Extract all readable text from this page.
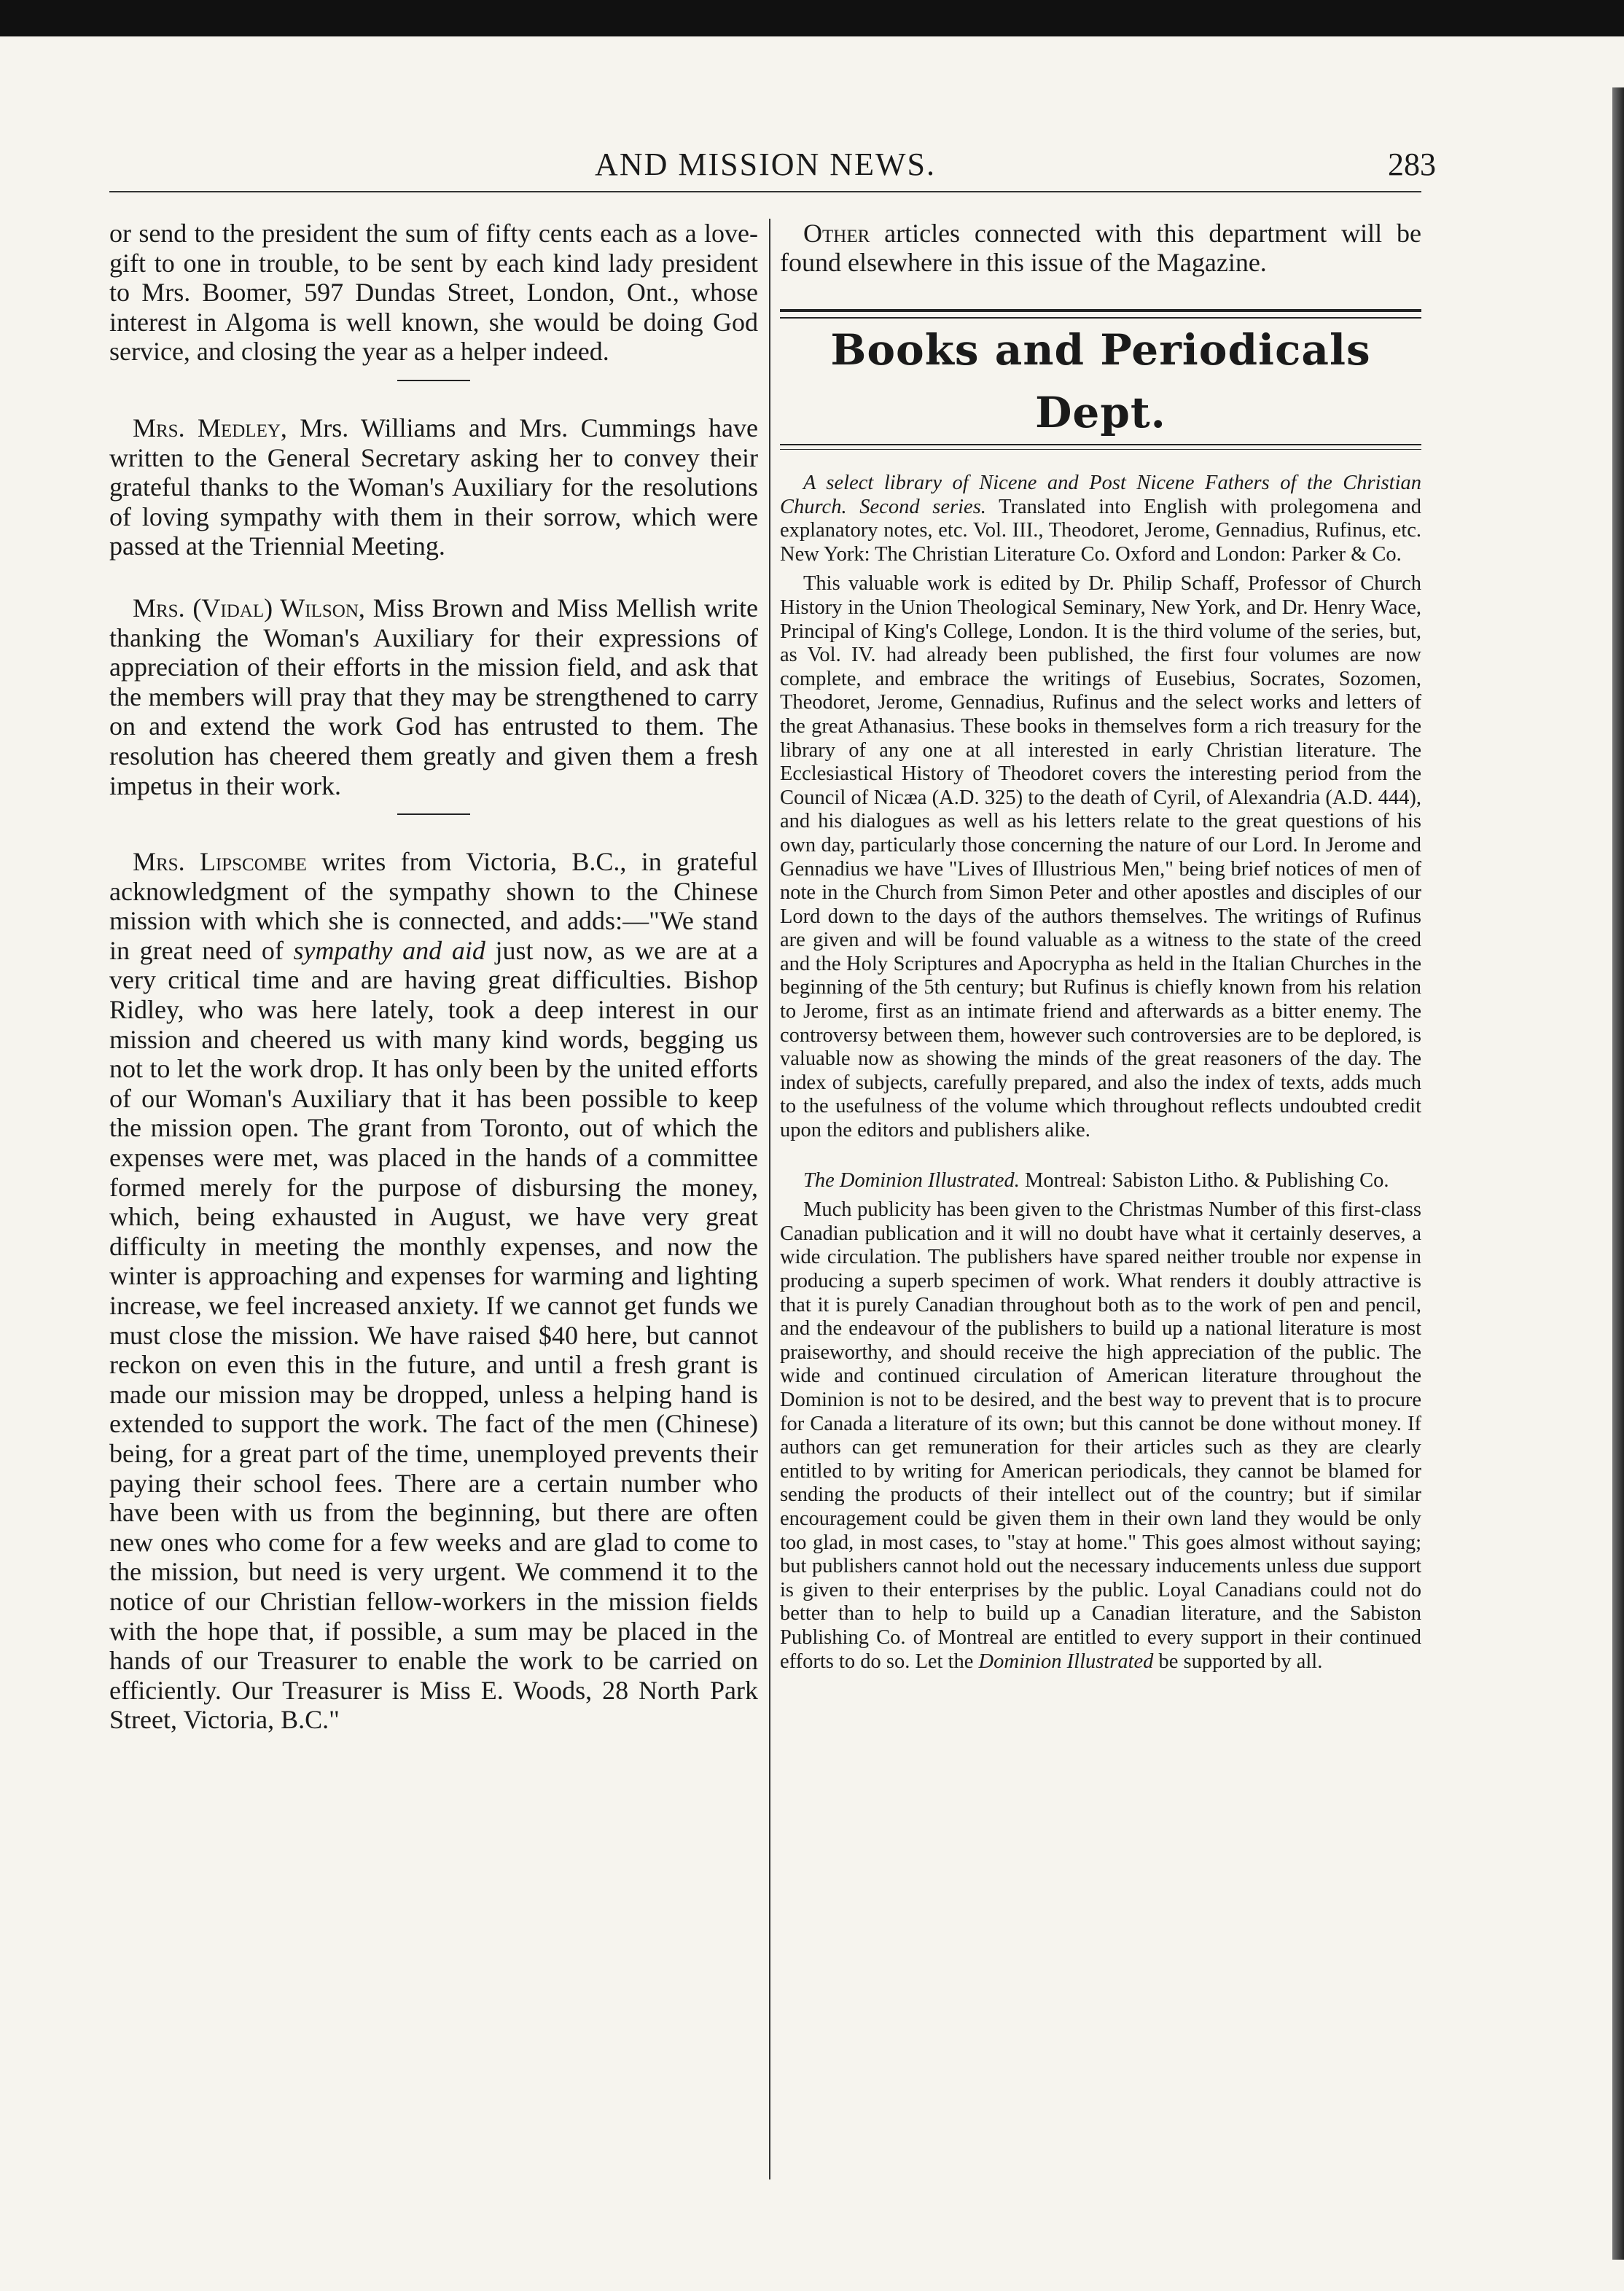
AND MISSION NEWS.	283

or send to the president the sum of fifty cents each as a love-gift to one in trouble, to be sent by each kind lady president to Mrs. Boomer, 597 Dundas Street, London, Ont., whose interest in Algoma is well known, she would be doing God service, and closing the year as a helper indeed.

Mrs. Medley, Mrs. Williams and Mrs. Cummings have written to the General Secretary asking her to convey their grateful thanks to the Woman's Auxiliary for the resolutions of loving sympathy with them in their sorrow, which were passed at the Triennial Meeting.

Mrs. (Vidal) Wilson, Miss Brown and Miss Mellish write thanking the Woman's Auxiliary for their expressions of appreciation of their efforts in the mission field, and ask that the members will pray that they may be strengthened to carry on and extend the work God has entrusted to them. The resolution has cheered them greatly and given them a fresh impetus in their work.

Mrs. Lipscombe writes from Victoria, B.C., in grateful acknowledgment of the sympathy shown to the Chinese mission with which she is connected, and adds:—"We stand in great need of sympathy and aid just now, as we are at a very critical time and are having great difficulties. Bishop Ridley, who was here lately, took a deep interest in our mission and cheered us with many kind words, begging us not to let the work drop. It has only been by the united efforts of our Woman's Auxiliary that it has been possible to keep the mission open. The grant from Toronto, out of which the expenses were met, was placed in the hands of a committee formed merely for the purpose of disbursing the money, which, being exhausted in August, we have very great difficulty in meeting the monthly expenses, and now the winter is approaching and expenses for warming and lighting increase, we feel increased anxiety. If we cannot get funds we must close the mission. We have raised $40 here, but cannot reckon on even this in the future, and until a fresh grant is made our mission may be dropped, unless a helping hand is extended to support the work. The fact of the men (Chinese) being, for a great part of the time, unemployed prevents their paying their school fees. There are a certain number who have been with us from the beginning, but there are often new ones who come for a few weeks and are glad to come to the mission, but need is very urgent. We commend it to the notice of our Christian fellow-workers in the mission fields with the hope that, if possible, a sum may be placed in the hands of our Treasurer to enable the work to be carried on efficiently. Our Treasurer is Miss E. Woods, 28 North Park Street, Victoria, B.C."

Other articles connected with this department will be found elsewhere in this issue of the Magazine.

Books and Periodicals Dept.

A select library of Nicene and Post Nicene Fathers of the Christian Church. Second series. Translated into English with prolegomena and explanatory notes, etc. Vol. III., Theodoret, Jerome, Gennadius, Rufinus, etc. New York: The Christian Literature Co. Oxford and London: Parker & Co.

This valuable work is edited by Dr. Philip Schaff, Professor of Church History in the Union Theological Seminary, New York, and Dr. Henry Wace, Principal of King's College, London. It is the third volume of the series, but, as Vol. IV. had already been published, the first four volumes are now complete, and embrace the writings of Eusebius, Socrates, Sozomen, Theodoret, Jerome, Gennadius, Rufinus and the select works and letters of the great Athanasius. These books in themselves form a rich treasury for the library of any one at all interested in early Christian literature. The Ecclesiastical History of Theodoret covers the interesting period from the Council of Nicæa (A.D. 325) to the death of Cyril, of Alexandria (A.D. 444), and his dialogues as well as his letters relate to the great questions of his own day, particularly those concerning the nature of our Lord. In Jerome and Gennadius we have "Lives of Illustrious Men," being brief notices of men of note in the Church from Simon Peter and other apostles and disciples of our Lord down to the days of the authors themselves. The writings of Rufinus are given and will be found valuable as a witness to the state of the creed and the Holy Scriptures and Apocrypha as held in the Italian Churches in the beginning of the 5th century; but Rufinus is chiefly known from his relation to Jerome, first as an intimate friend and afterwards as a bitter enemy. The controversy between them, however such controversies are to be deplored, is valuable now as showing the minds of the great reasoners of the day. The index of subjects, carefully prepared, and also the index of texts, adds much to the usefulness of the volume which throughout reflects undoubted credit upon the editors and publishers alike.

The Dominion Illustrated. Montreal: Sabiston Litho. & Publishing Co.

Much publicity has been given to the Christmas Number of this first-class Canadian publication and it will no doubt have what it certainly deserves, a wide circulation. The publishers have spared neither trouble nor expense in producing a superb specimen of work. What renders it doubly attractive is that it is purely Canadian throughout both as to the work of pen and pencil, and the endeavour of the publishers to build up a national literature is most praiseworthy, and should receive the high appreciation of the public. The wide and continued circulation of American literature throughout the Dominion is not to be desired, and the best way to prevent that is to procure for Canada a literature of its own; but this cannot be done without money. If authors can get remuneration for their articles such as they are clearly entitled to by writing for American periodicals, they cannot be blamed for sending the products of their intellect out of the country; but if similar encouragement could be given them in their own land they would be only too glad, in most cases, to "stay at home." This goes almost without saying; but publishers cannot hold out the necessary inducements unless due support is given to their enterprises by the public. Loyal Canadians could not do better than to help to build up a Canadian literature, and the Sabiston Publishing Co. of Montreal are entitled to every support in their continued efforts to do so. Let the Dominion Illustrated be supported by all.
